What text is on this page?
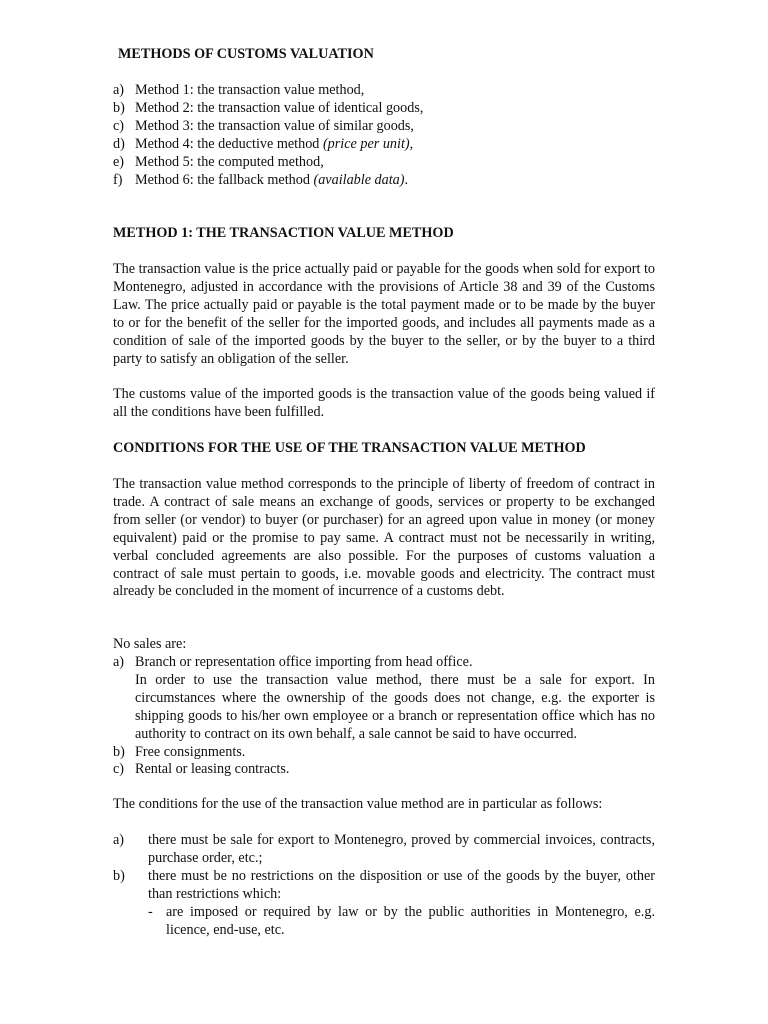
METHODS OF CUSTOMS VALUATION
a) Method 1: the transaction value method,
b) Method 2: the transaction value of identical goods,
c) Method 3: the transaction value of similar goods,
d) Method 4: the deductive method (price per unit),
e) Method 5: the computed method,
f) Method 6: the fallback method (available data).
METHOD 1: THE TRANSACTION VALUE METHOD

The transaction value is the price actually paid or payable for the goods when sold for export to Montenegro, adjusted in accordance with the provisions of Article 38 and 39 of the Customs Law. The price actually paid or payable is the total payment made or to be made by the buyer to or for the benefit of the seller for the imported goods, and includes all payments made as a condition of sale of the imported goods by the buyer to the seller, or by the buyer to a third party to satisfy an obligation of the seller.

The customs value of the imported goods is the transaction value of the goods being valued if all the conditions have been fulfilled.

CONDITIONS FOR THE USE OF THE TRANSACTION VALUE METHOD

The transaction value method corresponds to the principle of liberty of freedom of contract in trade. A contract of sale means an exchange of goods, services or property to be exchanged from seller (or vendor) to buyer (or purchaser) for an agreed upon value in money (or money equivalent) paid or the promise to pay same. A contract must not be necessarily in writing, verbal concluded agreements are also possible. For the purposes of customs valuation a contract of sale must pertain to goods, i.e. movable goods and electricity. The contract must already be concluded in the moment of incurrence of a customs debt.

No sales are:
a) Branch or representation office importing from head office.
In order to use the transaction value method, there must be a sale for export. In circumstances where the ownership of the goods does not change, e.g. the exporter is shipping goods to his/her own employee or a branch or representation office which has no authority to contract on its own behalf, a sale cannot be said to have occurred.
b) Free consignments.
c) Rental or leasing contracts.
The conditions for the use of the transaction value method are in particular as follows:
a)	there must be sale for export to Montenegro, proved by commercial invoices, contracts, purchase order, etc.;
b)	there must be no restrictions on the disposition or use of the goods by the buyer, other than restrictions which:
- are imposed or required by law or by the public authorities in Montenegro, e.g. licence, end-use, etc.
